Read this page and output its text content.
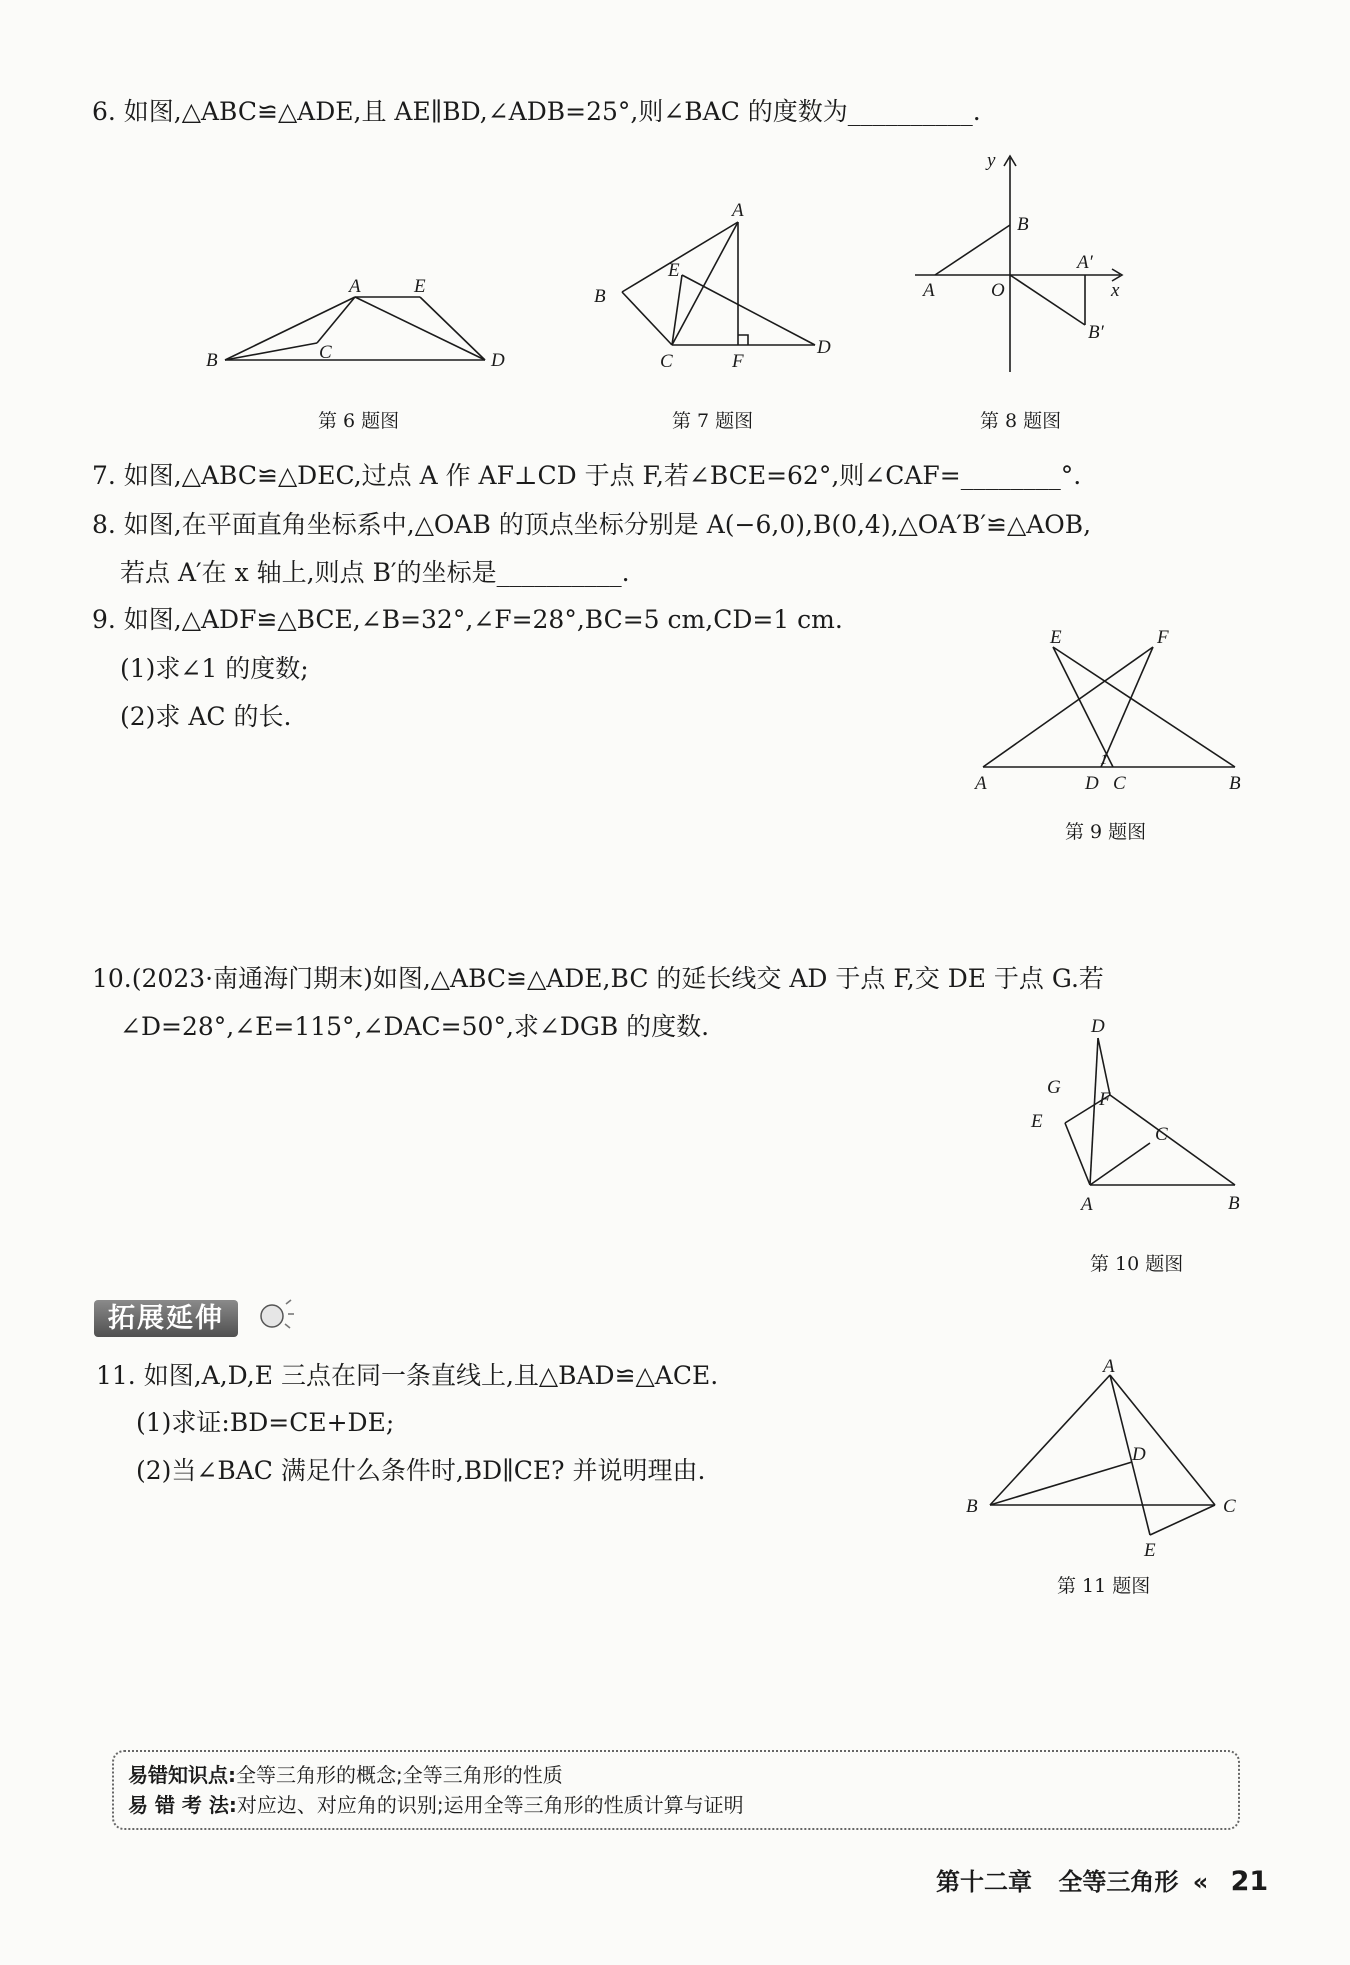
6. 如图,△ABC≌△ADE,且 AE∥BD,∠ADB=25°,则∠BAC 的度数为__________.
A	E
B	C	D
第 6 题图
A
E
B
C	F
D
第 7 题图
y
B
A′
A	O	x
B′
第 8 题图
7. 如图,△ABC≌△DEC,过点 A 作 AF⊥CD 于点 F,若∠BCE=62°,则∠CAF=________°.
8. 如图,在平面直角坐标系中,△OAB 的顶点坐标分别是 A(−6,0),B(0,4),△OA′B′≌△AOB,
若点 A′在 x 轴上,则点 B′的坐标是__________.
9. 如图,△ADF≌△BCE,∠B=32°,∠F=28°,BC=5 cm,CD=1 cm.
(1)求∠1 的度数;
(2)求 AC 的长.
E	F
1
A	D C	B
第 9 题图
10.(2023·南通海门期末)如图,△ABC≌△ADE,BC 的延长线交 AD 于点 F,交 DE 于点 G.若
∠D=28°,∠E=115°,∠DAC=50°,求∠DGB 的度数.	D
G
F
E
C
A	B
第 10 题图
拓展延伸
11. 如图,A,D,E 三点在同一条直线上,且△BAD≌△ACE.
(1)求证:BD=CE+DE;
(2)当∠BAC 满足什么条件时,BD∥CE? 并说明理由.
A
D
B	C
E
第 11 题图
易错知识点:全等三角形的概念;全等三角形的性质
易 错 考 法:对应边、对应角的识别;运用全等三角形的性质计算与证明
第十二章 全等三角形 « 21
